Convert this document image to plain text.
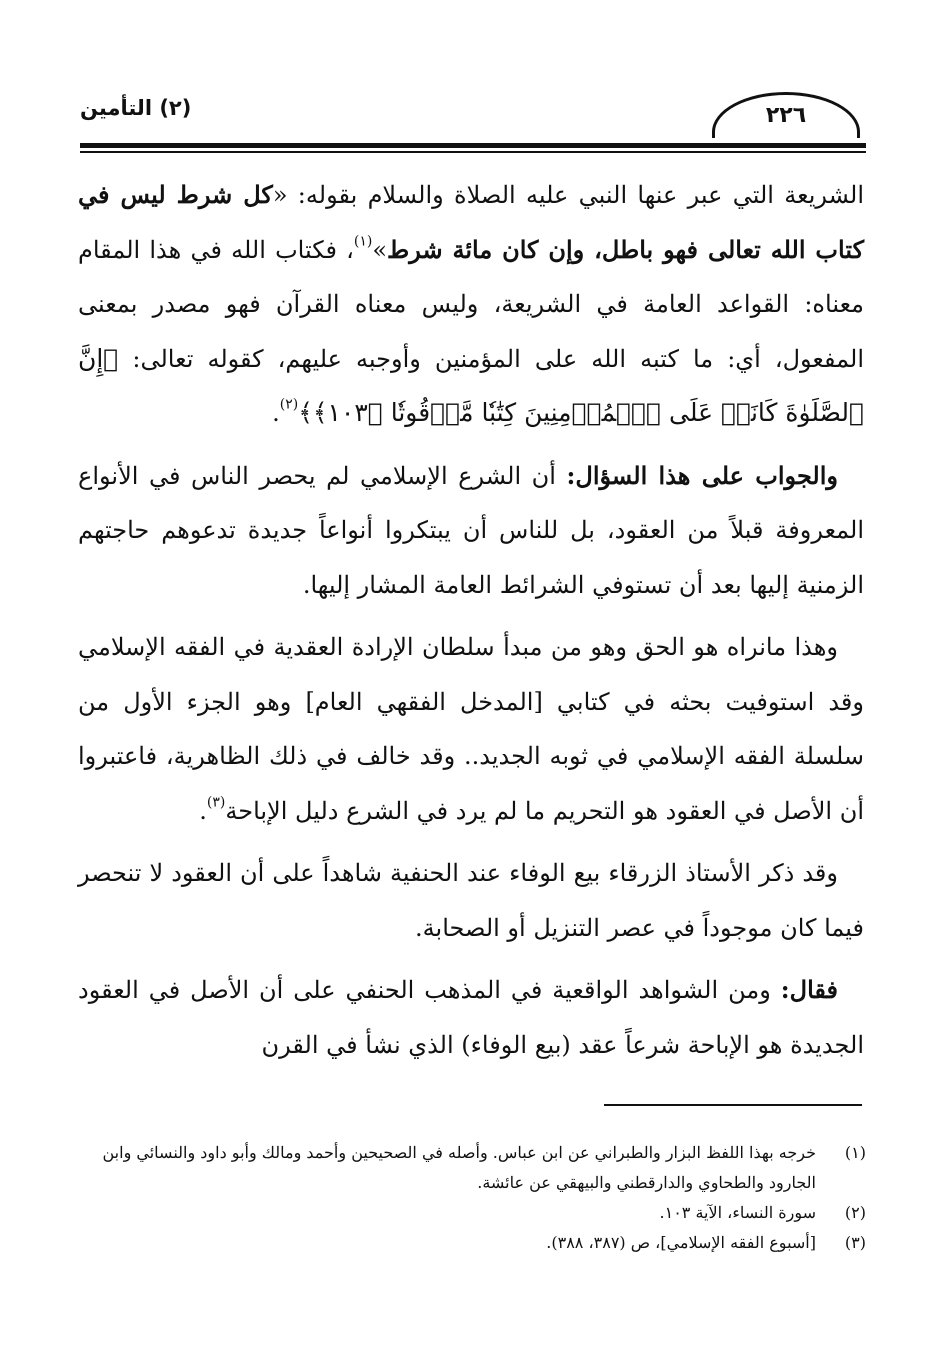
(٢) التأمين	٢٢٦

الشريعة التي عبر عنها النبي عليه الصلاة والسلام بقوله: «كل شرط ليس في كتاب الله تعالى فهو باطل، وإن كان مائة شرط»$^{(١)}$، فكتاب الله في هذا المقام معناه: القواعد العامة في الشريعة، وليس معناه القرآن فهو مصدر بمعنى المفعول، أي: ما كتبه الله على المؤمنين وأوجبه عليهم، كقوله تعالى: ﴿إِنَّ ٱلصَّلَوٰةَ كَانَتۡ عَلَى ٱلۡمُؤۡمِنِينَ كِتَٰبٗا مَّوۡقُوتٗا ﴿١٠٣﴾﴾$^{(٢)}$.

والجواب على هذا السؤال: أن الشرع الإسلامي لم يحصر الناس في الأنواع المعروفة قبلاً من العقود، بل للناس أن يبتكروا أنواعاً جديدة تدعوهم حاجتهم الزمنية إليها بعد أن تستوفي الشرائط العامة المشار إليها.

وهذا مانراه هو الحق وهو من مبدأ سلطان الإرادة العقدية في الفقه الإسلامي وقد استوفيت بحثه في كتابي [المدخل الفقهي العام] وهو الجزء الأول من سلسلة الفقه الإسلامي في ثوبه الجديد.. وقد خالف في ذلك الظاهرية، فاعتبروا أن الأصل في العقود هو التحريم ما لم يرد في الشرع دليل الإباحة$^{(٣)}$.

وقد ذكر الأستاذ الزرقاء بيع الوفاء عند الحنفية شاهداً على أن العقود لا تنحصر فيما كان موجوداً في عصر التنزيل أو الصحابة.

فقال: ومن الشواهد الواقعية في المذهب الحنفي على أن الأصل في العقود الجديدة هو الإباحة شرعاً عقد (بيع الوفاء) الذي نشأ في القرن

(١)
خرجه بهذا اللفظ البزار والطبراني عن ابن عباس. وأصله في الصحيحين وأحمد ومالك وأبو داود والنسائي وابن الجارود والطحاوي والدارقطني والبيهقي عن عائشة.
(٢)
سورة النساء، الآية ١٠٣.
(٣)
[أسبوع الفقه الإسلامي]، ص (٣٨٧، ٣٨٨).
